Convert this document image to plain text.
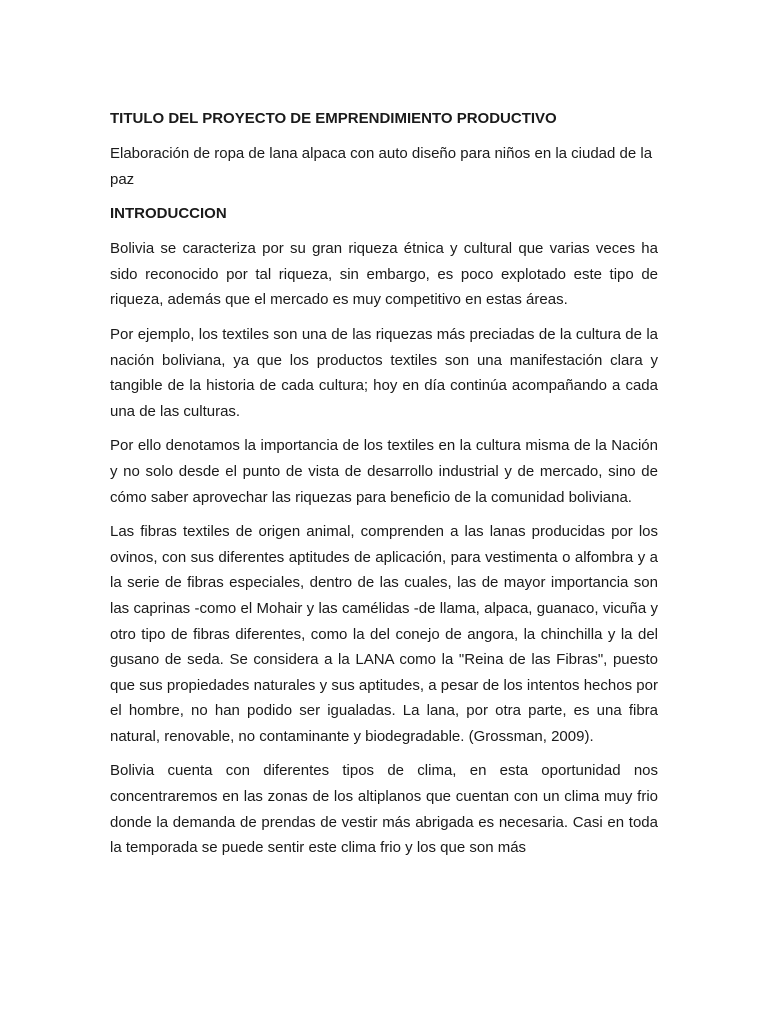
TITULO DEL PROYECTO DE EMPRENDIMIENTO PRODUCTIVO
Elaboración de ropa de lana alpaca con auto diseño para niños en la ciudad de la paz
INTRODUCCION
Bolivia se caracteriza por su gran riqueza étnica y cultural que varias veces ha sido reconocido por tal riqueza, sin embargo, es poco explotado este tipo de riqueza, además que el mercado es muy competitivo en estas áreas.
Por ejemplo, los textiles son una de las riquezas más preciadas de la cultura de la nación boliviana, ya que los productos textiles son una manifestación clara y tangible de la historia de cada cultura; hoy en día continúa acompañando a cada una de las culturas.
Por ello denotamos la importancia de los textiles en la cultura misma de la Nación y no solo desde el punto de vista de desarrollo industrial y de mercado, sino de cómo saber aprovechar las riquezas para beneficio de la comunidad boliviana.
Las fibras textiles de origen animal, comprenden a las lanas producidas por los ovinos, con sus diferentes aptitudes de aplicación, para vestimenta o alfombra y a la serie de fibras especiales, dentro de las cuales, las de mayor importancia son las caprinas -como el Mohair y las camélidas -de llama, alpaca, guanaco, vicuña y otro tipo de fibras diferentes, como la del conejo de angora, la chinchilla y la del gusano de seda. Se considera a la LANA como la "Reina de las Fibras", puesto que sus propiedades naturales y sus aptitudes, a pesar de los intentos hechos por el hombre, no han podido ser igualadas. La lana, por otra parte, es una fibra natural, renovable, no contaminante y biodegradable. (Grossman, 2009).
Bolivia cuenta con diferentes tipos de clima, en esta oportunidad nos concentraremos en las zonas de los altiplanos que cuentan con un clima muy frio donde la demanda de prendas de vestir más abrigada es necesaria. Casi en toda la temporada se puede sentir este clima frio y los que son más
